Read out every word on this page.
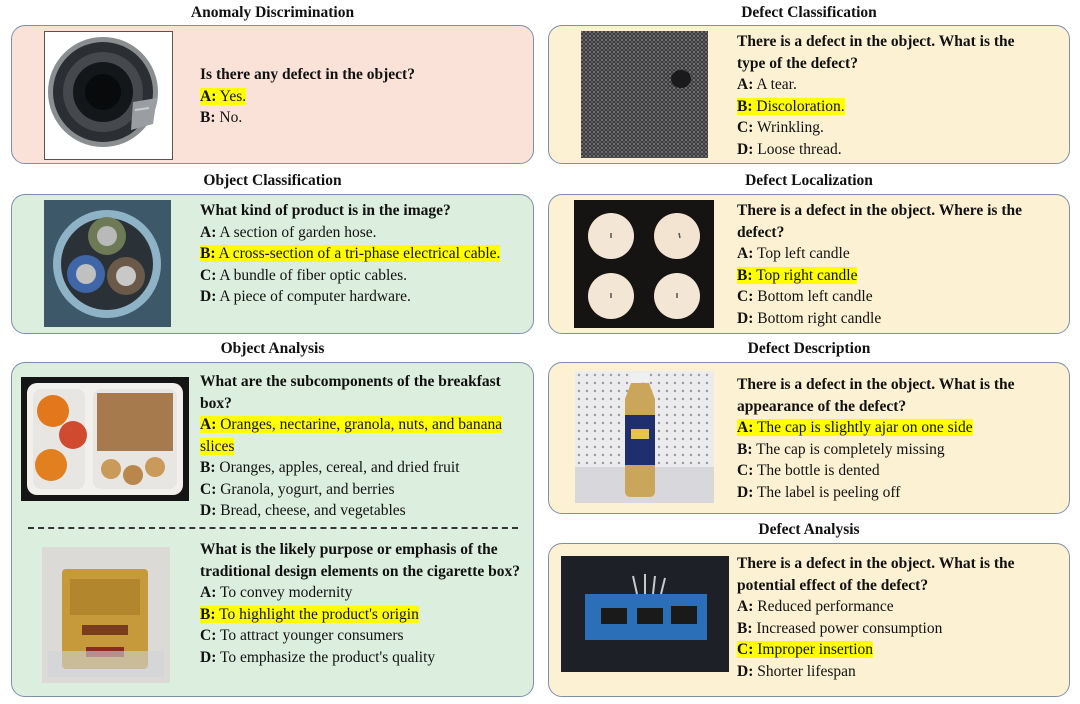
Anomaly Discrimination
Is there any defect in the object?
A: Yes.
B: No.
Object Classification
What kind of product is in the image?
A: A section of garden hose.
B: A cross-section of a tri-phase electrical cable.
C: A bundle of fiber optic cables.
D: A piece of computer hardware.
Object Analysis
What are the subcomponents of the breakfast box?
A: Oranges, nectarine, granola, nuts, and banana slices
B: Oranges, apples, cereal, and dried fruit
C: Granola, yogurt, and berries
D: Bread, cheese, and vegetables
What is the likely purpose or emphasis of the traditional design elements on the cigarette box?
A: To convey modernity
B: To highlight the product's origin
C: To attract younger consumers
D: To emphasize the product's quality
Defect Classification
There is a defect in the object. What is the type of the defect?
A: A tear.
B: Discoloration.
C: Wrinkling.
D: Loose thread.
Defect Localization
There is a defect in the object. Where is the defect?
A: Top left candle
B: Top right candle
C: Bottom left candle
D: Bottom right candle
Defect Description
There is a defect in the object. What is the appearance of the defect?
A: The cap is slightly ajar on one side
B: The cap is completely missing
C: The bottle is dented
D: The label is peeling off
Defect Analysis
There is a defect in the object. What is the potential effect of the defect?
A: Reduced performance
B: Increased power consumption
C: Improper insertion
D: Shorter lifespan
